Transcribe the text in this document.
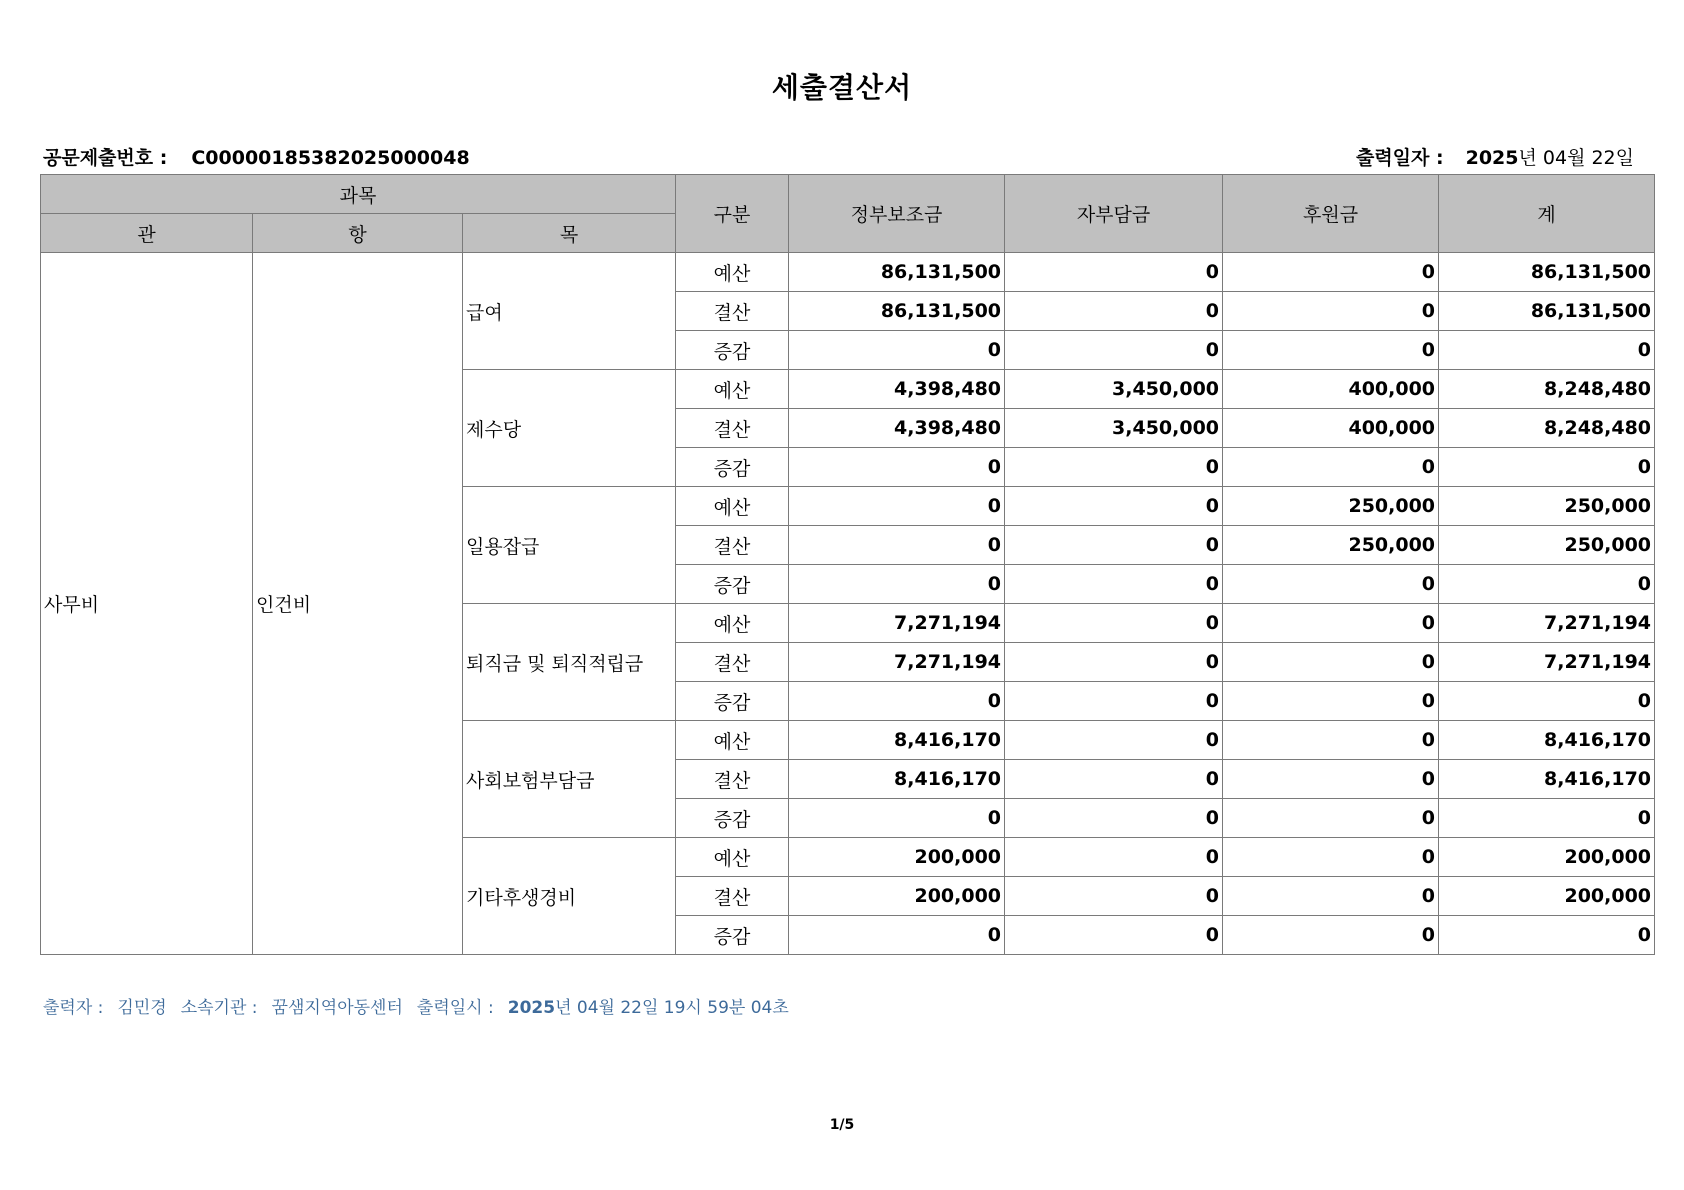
세출결산서
공문제출번호 : C00000185382025000048	출력일자 : 2025년 04월 22일
과목			구분	정부보조금	자부담금	후원금	계
관	항	목					
사무비	인건비	급여	예산	86,131,500	0	0	86,131,500
			결산	86,131,500	0	0	86,131,500
			증감	0	0	0	0
		제수당	예산	4,398,480	3,450,000	400,000	8,248,480
			결산	4,398,480	3,450,000	400,000	8,248,480
			증감	0	0	0	0
		일용잡급	예산	0	0	250,000	250,000
			결산	0	0	250,000	250,000
			증감	0	0	0	0
		퇴직금 및 퇴직적립금	예산	7,271,194	0	0	7,271,194
			결산	7,271,194	0	0	7,271,194
			증감	0	0	0	0
		사회보험부담금	예산	8,416,170	0	0	8,416,170
			결산	8,416,170	0	0	8,416,170
			증감	0	0	0	0
		기타후생경비	예산	200,000	0	0	200,000
			결산	200,000	0	0	200,000
			증감	0	0	0	0
출력자 : 김민경 소속기관 : 꿈샘지역아동센터 출력일시 : 2025년 04월 22일 19시 59분 04초
1/5
